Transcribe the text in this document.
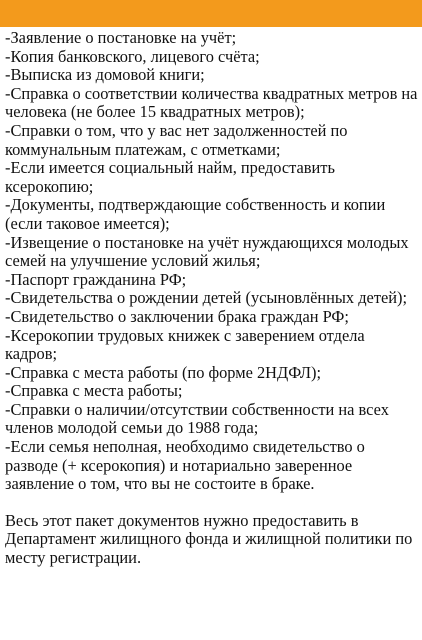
-Заявление о постановке на учёт;
-Копия банковского, лицевого счёта;
-Выписка из домовой книги;
-Справка о соответствии количества квадратных метров на человека (не более 15 квадратных метров);
-Справки о том, что у вас нет задолженностей по коммунальным платежам, с отметками;
-Если имеется социальный найм, предоставить ксерокопию;
-Документы, подтверждающие собственность и копии (если таковое имеется);
-Извещение о постановке на учёт нуждающихся молодых семей на улучшение условий жилья;
-Паспорт гражданина РФ;
-Свидетельства о рождении детей (усыновлённых детей);
-Свидетельство о заключении брака граждан РФ;
-Ксерокопии трудовых книжек с заверением отдела кадров;
-Справка с места работы (по форме 2НДФЛ);
-Справка с места работы;
-Справки о наличии/отсутствии собственности на всех членов молодой семьи до 1988 года;
-Если семья неполная, необходимо свидетельство о разводе (+ ксерокопия) и нотариально заверенное заявление о том, что вы не состоите в браке.

Весь этот пакет документов нужно предоставить в Департамент жилищного фонда и жилищной политики по месту регистрации.
